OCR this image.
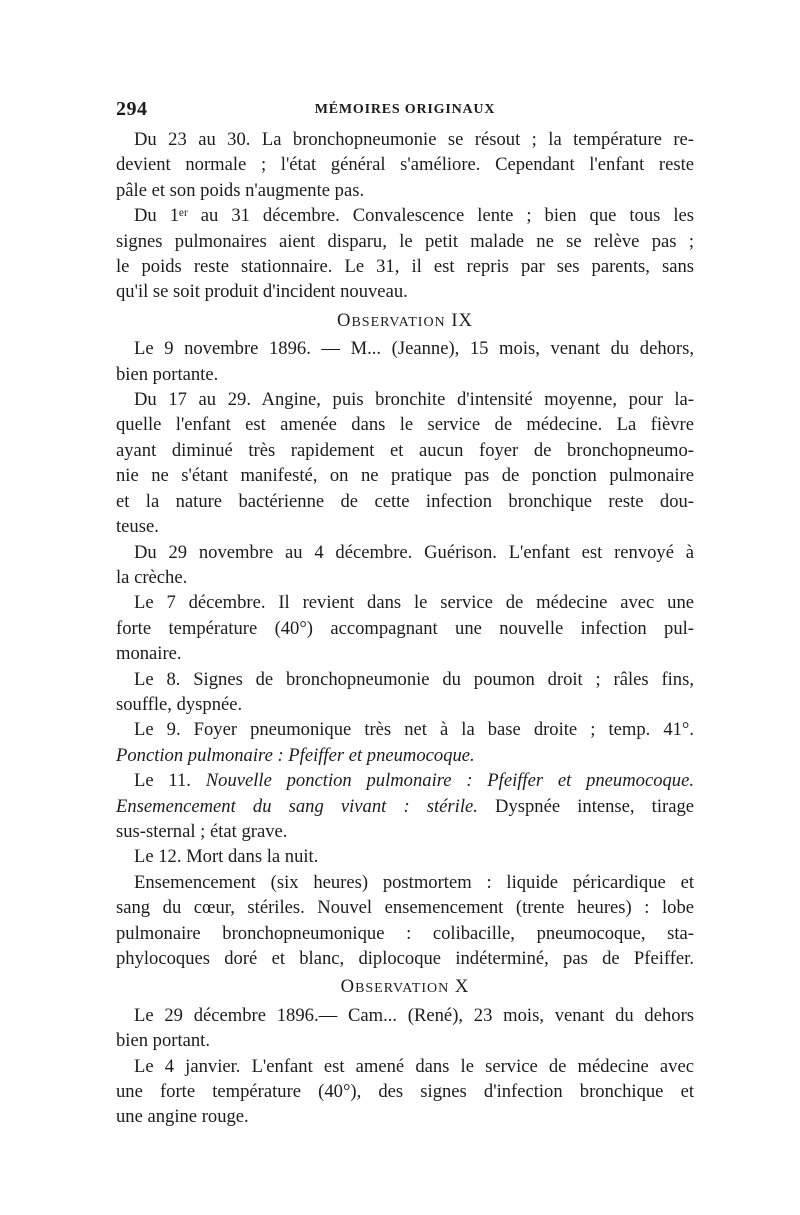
294	MÉMOIRES ORIGINAUX
Du 23 au 30. La bronchopneumonie se résout ; la température re-
devient normale ; l'état général s'améliore. Cependant l'enfant reste
pâle et son poids n'augmente pas.
Du 1ᵉʳ au 31 décembre. Convalescence lente ; bien que tous les
signes pulmonaires aient disparu, le petit malade ne se relève pas ;
le poids reste stationnaire. Le 31, il est repris par ses parents, sans
qu'il se soit produit d'incident nouveau.
OBSERVATION IX
Le 9 novembre 1896. — M... (Jeanne), 15 mois, venant du dehors,
bien portante.
Du 17 au 29. Angine, puis bronchite d'intensité moyenne, pour la-
quelle l'enfant est amenée dans le service de médecine. La fièvre
ayant diminué très rapidement et aucun foyer de bronchopneumo-
nie ne s'étant manifesté, on ne pratique pas de ponction pulmonaire
et la nature bactérienne de cette infection bronchique reste dou-
teuse.
Du 29 novembre au 4 décembre. Guérison. L'enfant est renvoyé à
la crèche.
Le 7 décembre. Il revient dans le service de médecine avec une
forte température (40°) accompagnant une nouvelle infection pul-
monaire.
Le 8. Signes de bronchopneumonie du poumon droit ; râles fins,
souffle, dyspnée.
Le 9. Foyer pneumonique très net à la base droite ; temp. 41°.
Ponction pulmonaire : Pfeiffer et pneumocoque.
Le 11. Nouvelle ponction pulmonaire : Pfeiffer et pneumocoque.
Ensemencement du sang vivant : stérile. Dyspnée intense, tirage
sus-sternal ; état grave.
Le 12. Mort dans la nuit.
Ensemencement (six heures) postmortem : liquide péricardique et
sang du cœur, stériles. Nouvel ensemencement (trente heures) : lobe
pulmonaire bronchopneumonique : colibacille, pneumocoque, sta-
phylocoques doré et blanc, diplocoque indéterminé, pas de Pfeiffer.
OBSERVATION X
Le 29 décembre 1896.— Cam... (René), 23 mois, venant du dehors
bien portant.
Le 4 janvier. L'enfant est amené dans le service de médecine avec
une forte température (40°), des signes d'infection bronchique et
une angine rouge.
